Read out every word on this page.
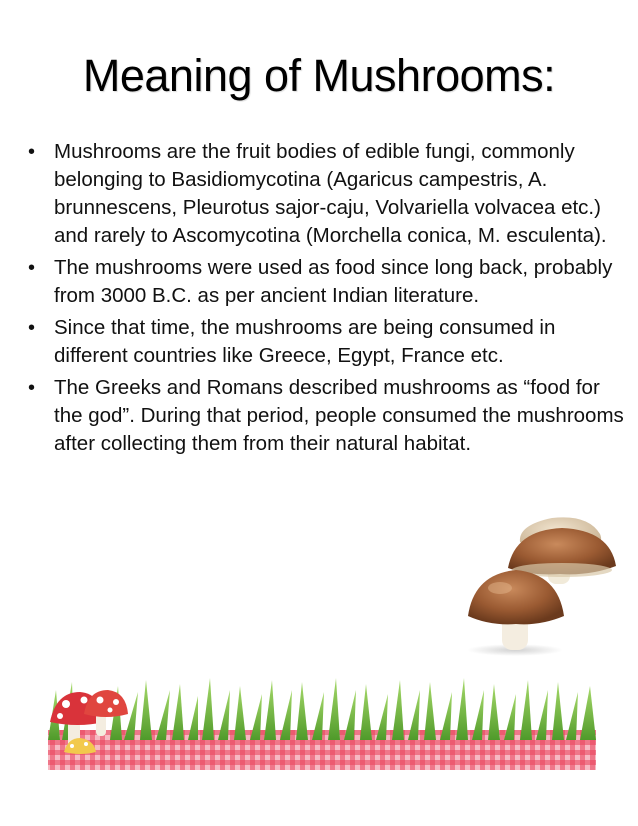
Meaning of Mushrooms:
• Mushrooms are the fruit bodies of edible fungi, commonly belonging to Basidiomycotina (Agaricus campestris, A. brunnescens, Pleurotus sajor-caju, Volvariella volvacea etc.) and rarely to Ascomycotina (Morchella conica, M. esculenta).
• The mushrooms were used as food since long back, probably from 3000 B.C. as per ancient Indian literature.
• Since that time, the mushrooms are being consumed in different countries like Greece, Egypt, France etc.
• The Greeks and Romans described mushrooms as “food for the god”. During that period, people consumed the mushrooms after collecting them from their natural habitat.
